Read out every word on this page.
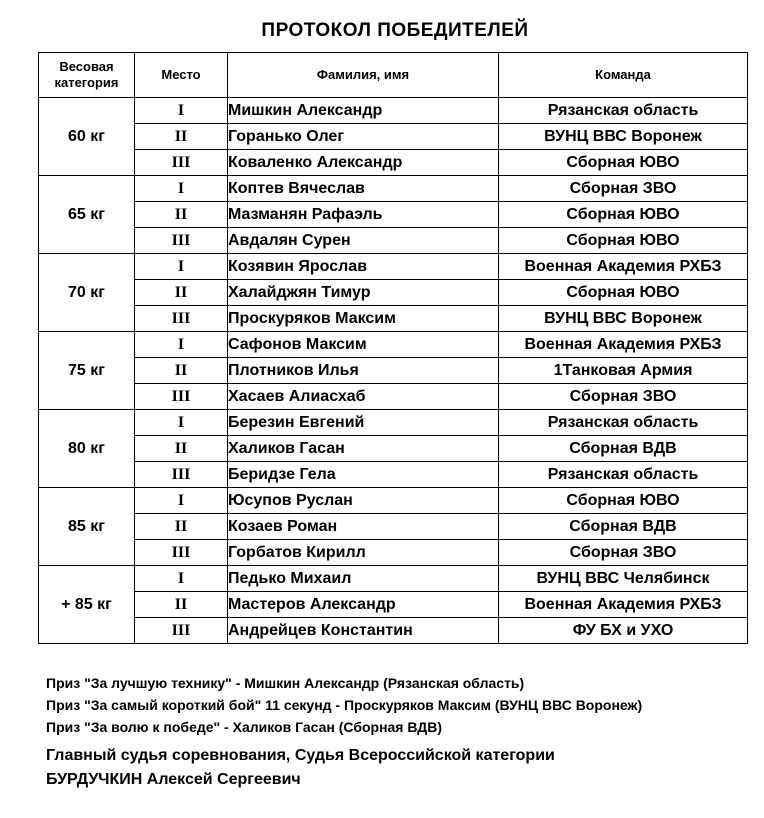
ПРОТОКОЛ ПОБЕДИТЕЛЕЙ
Весовая категория	Место	Фамилия, имя	Команда
60 кг	I	Мишкин Александр	Рязанская область
	II	Горанько Олег	ВУНЦ ВВС Воронеж
	III	Коваленко Александр	Сборная ЮВО
65 кг	I	Коптев Вячеслав	Сборная ЗВО
	II	Мазманян Рафаэль	Сборная ЮВО
	III	Авдалян Сурен	Сборная ЮВО
70 кг	I	Козявин Ярослав	Военная Академия РХБЗ
	II	Халайджян Тимур	Сборная ЮВО
	III	Проскуряков Максим	ВУНЦ ВВС Воронеж
75 кг	I	Сафонов Максим	Военная Академия РХБЗ
	II	Плотников Илья	1Танковая Армия
	III	Хасаев Алиасхаб	Сборная ЗВО
80 кг	I	Березин Евгений	Рязанская область
	II	Халиков Гасан	Сборная ВДВ
	III	Беридзе Гела	Рязанская область
85 кг	I	Юсупов Руслан	Сборная ЮВО
	II	Козаев Роман	Сборная ВДВ
	III	Горбатов Кирилл	Сборная ЗВО
+ 85 кг	I	Педько Михаил	ВУНЦ ВВС Челябинск
	II	Мастеров Александр	Военная Академия РХБЗ
	III	Андрейцев Константин	ФУ БХ и УХО
Приз "За лучшую технику" - Мишкин Александр (Рязанская область)
Приз "За самый короткий бой" 11 секунд - Проскуряков Максим (ВУНЦ ВВС Воронеж)
Приз "За волю к победе" - Халиков Гасан (Сборная ВДВ)
Главный судья соревнования, Судья Всероссийской категории
БУРДУЧКИН Алексей Сергеевич
